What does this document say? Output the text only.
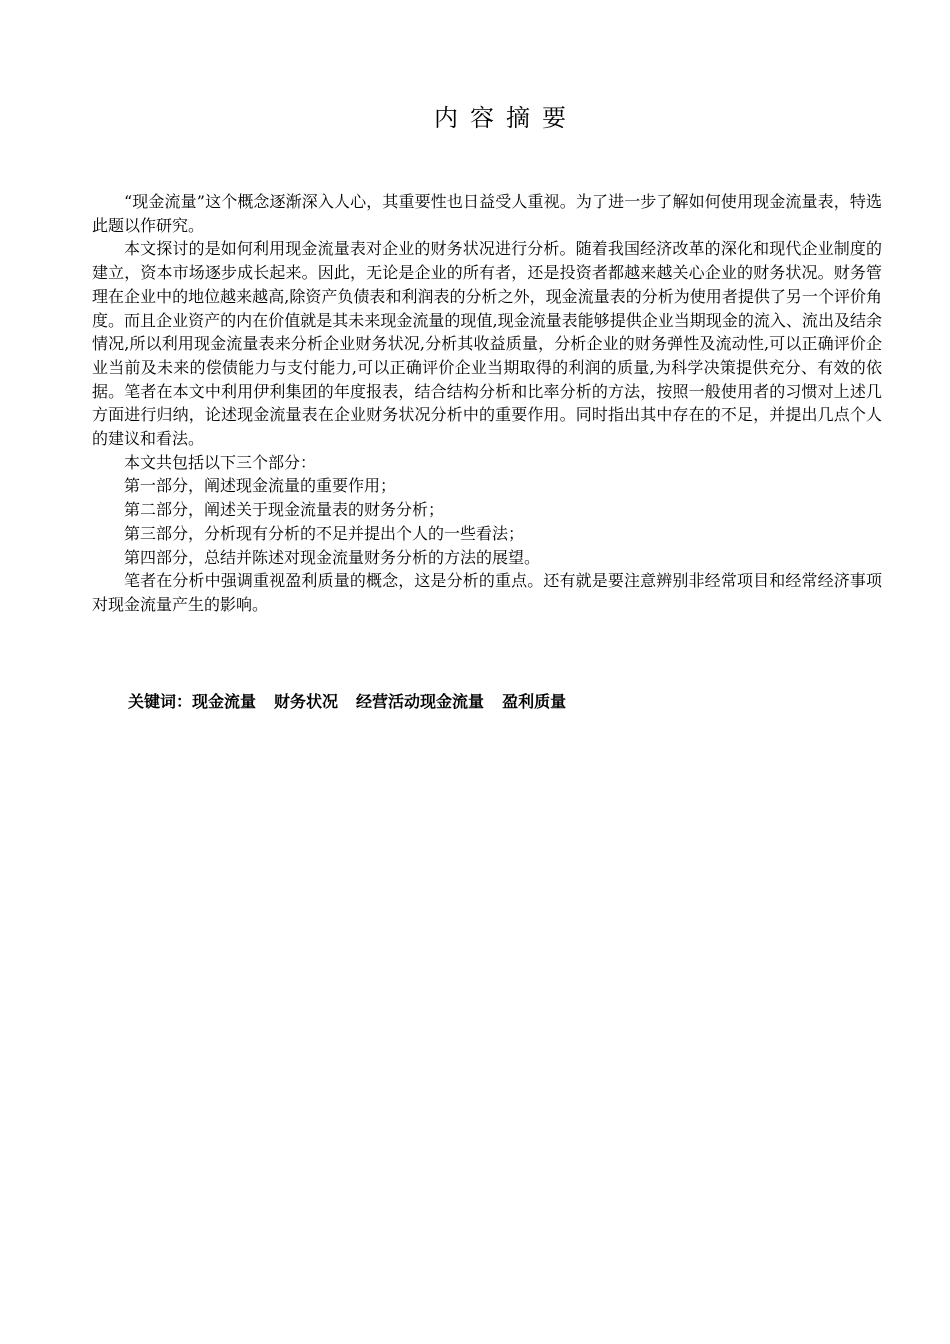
内容摘要

“现金流量”这个概念逐渐深入人心，其重要性也日益受人重视。为了进一步了解如何使用现金流量表，特选此题以作研究。

本文探讨的是如何利用现金流量表对企业的财务状况进行分析。随着我国经济改革的深化和现代企业制度的建立，资本市场逐步成长起来。因此，无论是企业的所有者，还是投资者都越来越关心企业的财务状况。财务管理在企业中的地位越来越高,除资产负债表和利润表的分析之外，现金流量表的分析为使用者提供了另一个评价角度。而且企业资产的内在价值就是其未来现金流量的现值,现金流量表能够提供企业当期现金的流入、流出及结余情况,所以利用现金流量表来分析企业财务状况,分析其收益质量，分析企业的财务弹性及流动性,可以正确评价企业当前及未来的偿债能力与支付能力,可以正确评价企业当期取得的利润的质量,为科学决策提供充分、有效的依据。笔者在本文中利用伊利集团的年度报表，结合结构分析和比率分析的方法，按照一般使用者的习惯对上述几方面进行归纳，论述现金流量表在企业财务状况分析中的重要作用。同时指出其中存在的不足，并提出几点个人的建议和看法。

本文共包括以下三个部分：

第一部分，阐述现金流量的重要作用；

第二部分，阐述关于现金流量表的财务分析；

第三部分，分析现有分析的不足并提出个人的一些看法；

第四部分，总结并陈述对现金流量财务分析的方法的展望。

笔者在分析中强调重视盈利质量的概念，这是分析的重点。还有就是要注意辨别非经常项目和经常经济事项对现金流量产生的影响。

关键词：现金流量 财务状况 经营活动现金流量 盈利质量
